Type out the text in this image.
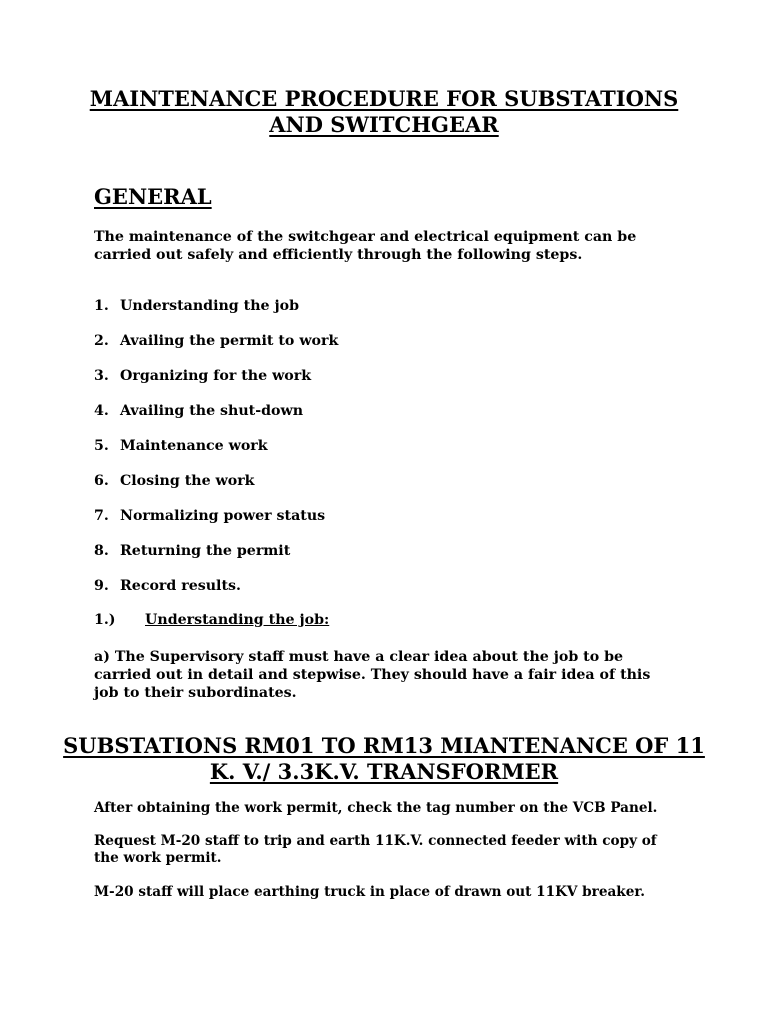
MAINTENANCE PROCEDURE FOR SUBSTATIONS AND SWITCHGEAR
GENERAL
The maintenance of the switchgear and electrical equipment can be carried out safely and efficiently through the following steps.
1. Understanding the job
2. Availing the permit to work
3. Organizing for the work
4. Availing the shut-down
5. Maintenance work
6. Closing the work
7. Normalizing power status
8. Returning the permit
9. Record results.
1.) Understanding the job:
a) The Supervisory staff must have a clear idea about the job to be carried out in detail and stepwise. They should have a fair idea of this job to their subordinates.
SUBSTATIONS RM01 TO RM13 MIANTENANCE OF 11 K. V./ 3.3K.V. TRANSFORMER
After obtaining the work permit, check the tag number on the VCB Panel.
Request M-20 staff to trip and earth 11K.V. connected feeder with copy of the work permit.
M-20 staff will place earthing truck in place of drawn out 11KV breaker.
